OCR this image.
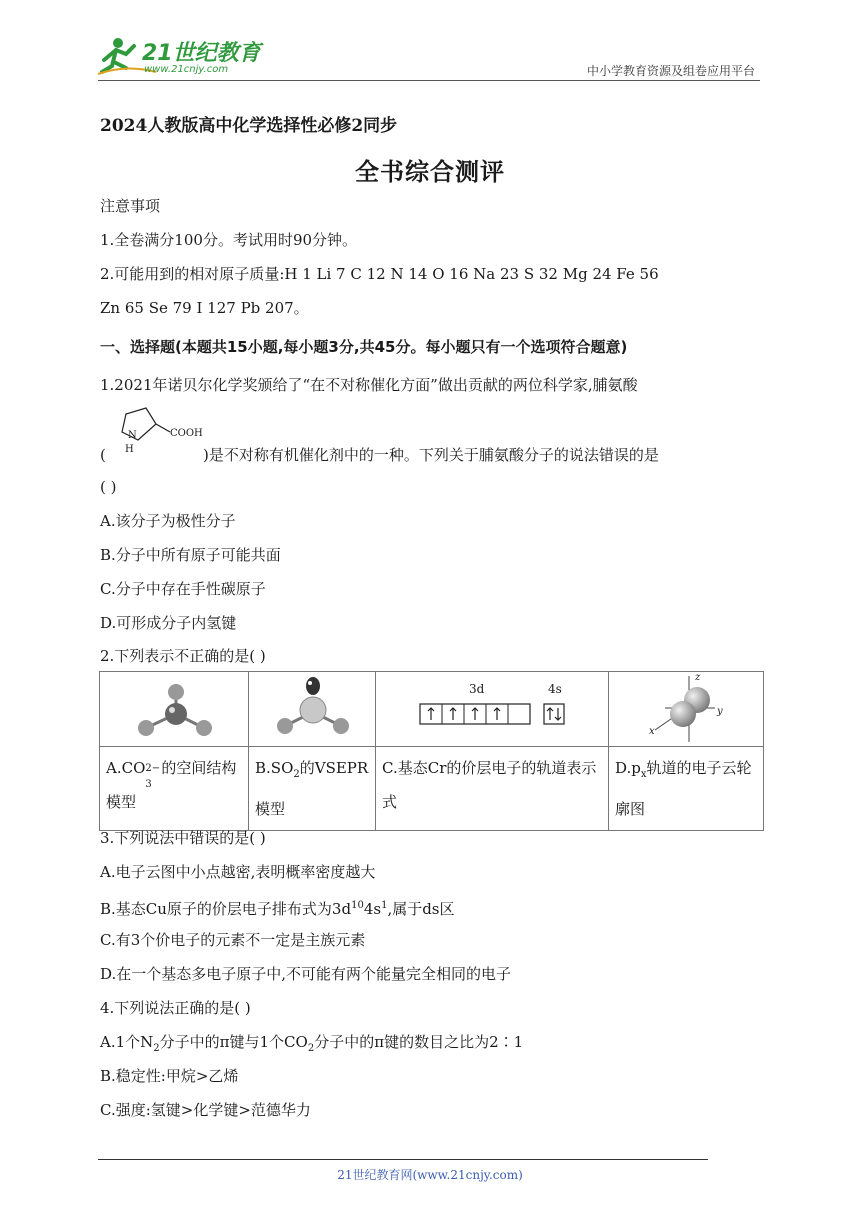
21世纪教育
www.21cnjy.com	中小学教育资源及组卷应用平台
2024人教版高中化学选择性必修2同步
全书综合测评
注意事项
1.全卷满分100分。考试用时90分钟。
2.可能用到的相对原子质量:H 1 Li 7 C 12 N 14 O 16 Na 23 S 32 Mg 24 Fe 56
Zn 65 Se 79 I 127 Pb 207。
一、选择题(本题共15小题,每小题3分,共45分。每小题只有一个选项符合题意)
1.2021年诺贝尔化学奖颁给了“在不对称催化方面”做出贡献的两位科学家,脯氨酸
N
H
COOH
(	)是不对称有机催化剂中的一种。下列关于脯氨酸分子的说法错误的是
( )
A.该分子为极性分子
B.分子中所有原子可能共面
C.分子中存在手性碳原子
D.可形成分子内氢键
2.下列表示不正确的是( )

3d 4s	z
y
x

A.CO 2−
3
的空间结构模型	$B.SO_2$的VSEPR模型	C.基态Cr的价层电子的轨道表示式	$D.p_x$轨道的电子云轮廓图
3.下列说法中错误的是( )
A.电子云图中小点越密,表明概率密度越大
B.基态Cu原子的价层电子排布式为$3d^{10}4s^1$,属于ds区
C.有3个价电子的元素不一定是主族元素
D.在一个基态多电子原子中,不可能有两个能量完全相同的电子
4.下列说法正确的是( )
A.1个$N_2$分子中的π键与1个$CO_2$分子中的π键的数目之比为2∶1
B.稳定性:甲烷>乙烯
C.强度:氢键>化学键>范德华力
21世纪教育网(www.21cnjy.com)
